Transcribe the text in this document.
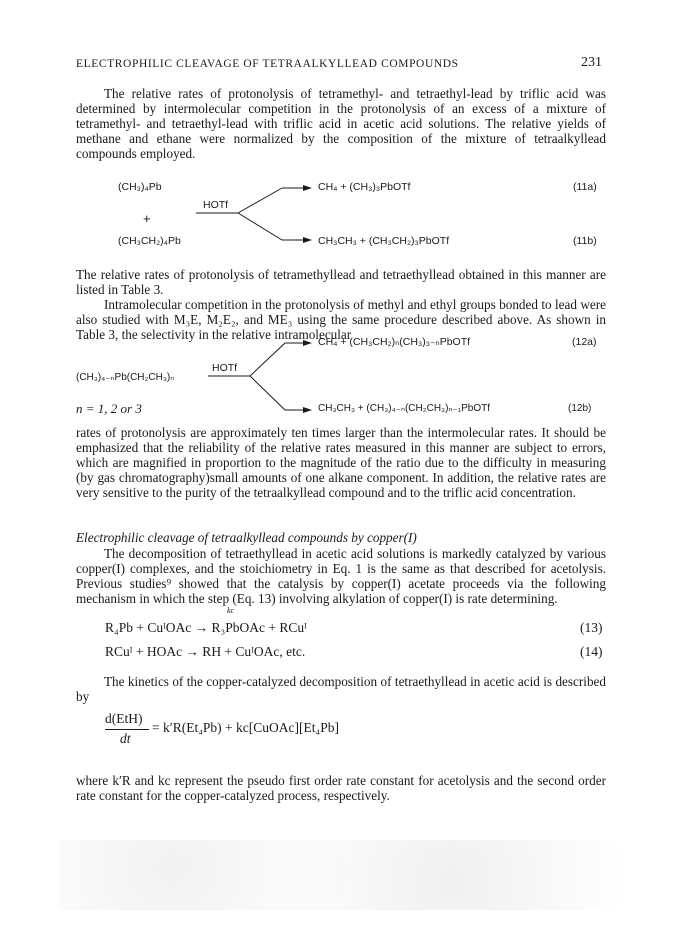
ELECTROPHILIC CLEAVAGE OF TETRAALKYLLEAD COMPOUNDS	231

The relative rates of protonolysis of tetramethyl- and tetraethyl-lead by triflic acid was determined by intermolecular competition in the protonolysis of an excess of a mixture of tetramethyl- and tetraethyl-lead with triflic acid in acetic acid solutions. The relative yields of methane and ethane were normalized by the composition of the mixture of tetraalkyllead compounds employed.

(CH₃)₄Pb
+
(CH₃CH₂)₄Pb
HOTf
CH₄ + (CH₃)₃PbOTf	(11a)
CH₃CH₃ + (CH₃CH₂)₃PbOTf	(11b)

The relative rates of protonolysis of tetramethyllead and tetraethyllead obtained in this manner are listed in Table 3.

Intramolecular competition in the protonolysis of methyl and ethyl groups bonded to lead were also studied with M₃E, M₂E₂, and ME₃ using the same procedure described above. As shown in Table 3, the selectivity in the relative intramolecular

(CH₃)₄₋ₙPb(CH₂CH₃)ₙ
HOTf
n = 1, 2 or 3
CH₄ + (CH₃CH₂)ₙ(CH₃)₃₋ₙPbOTf	(12a)
CH₃CH₃ + (CH₃)₄₋ₙ(CH₂CH₃)ₙ₋₁PbOTf	(12b)

rates of protonolysis are approximately ten times larger than the intermolecular rates. It should be emphasized that the reliability of the relative rates measured in this manner are subject to errors, which are magnified in proportion to the magnitude of the ratio due to the difficulty in measuring (by gas chromatography)small amounts of one alkane component. In addition, the relative rates are very sensitive to the purity of the tetraalkyllead compound and to the triflic acid concentration.

Electrophilic cleavage of tetraalkyllead compounds by copper(I)

The decomposition of tetraethyllead in acetic acid solutions is markedly catalyzed by various copper(I) complexes, and the stoichiometry in Eq. 1 is the same as that described for acetolysis. Previous studies⁹ showed that the catalysis by copper(I) acetate proceeds via the following mechanism in which the step (Eq. 13) involving alkylation of copper(I) is rate determining.

kc
R₄Pb + CuᴵOAc → R₃PbOAc + RCuᴵ	(13)
RCuᴵ + HOAc → RH + CuᴵOAc, etc.	(14)

The kinetics of the copper-catalyzed decomposition of tetraethyllead in acetic acid is described by

d(EtH)
dt
= k′R(Et₄Pb) + kc[CuOAc][Et₄Pb]

where k′R and kc represent the pseudo first order rate constant for acetolysis and the second order rate constant for the copper-catalyzed process, respectively.
